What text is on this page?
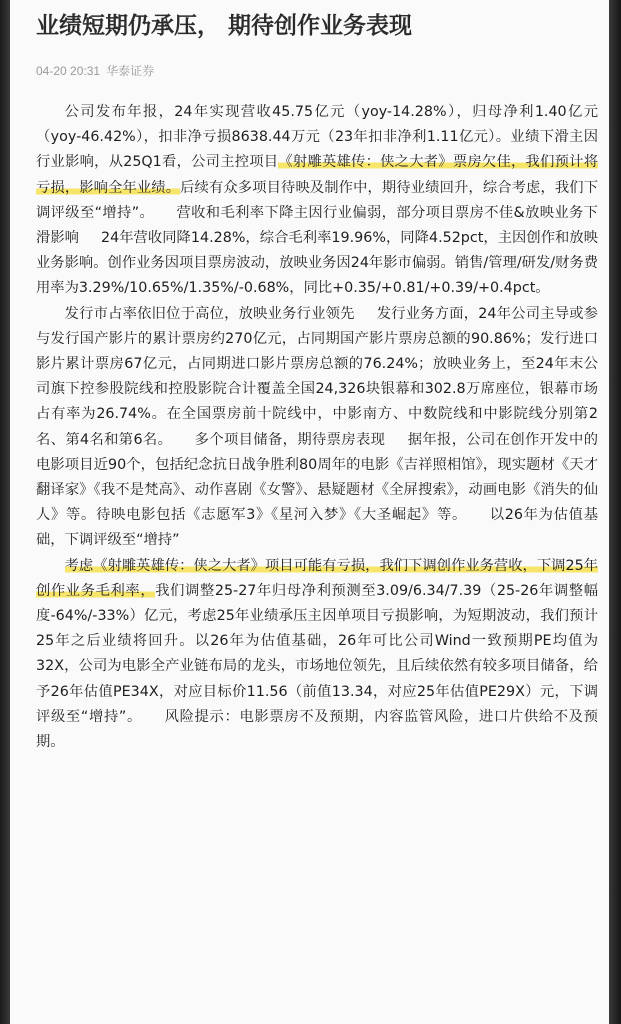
业绩短期仍承压， 期待创作业务表现
04-20 20:31 华泰证券

公司发布年报，24年实现营收45.75亿元（yoy-14.28%），归母净利1.40亿元（yoy-46.42%），扣非净亏损8638.44万元（23年扣非净利1.11亿元）。业绩下滑主因行业影响，从25Q1看，公司主控项目《射雕英雄传：侠之大者》票房欠佳，我们预计将亏损，影响全年业绩。后续有众多项目待映及制作中，期待业绩回升，综合考虑，我们下调评级至“增持”。 营收和毛利率下降主因行业偏弱，部分项目票房不佳&放映业务下滑影响 24年营收同降14.28%，综合毛利率19.96%，同降4.52pct，主因创作和放映业务影响。创作业务因项目票房波动，放映业务因24年影市偏弱。销售/管理/研发/财务费用率为3.29%/10.65%/1.35%/-0.68%，同比+0.35/+0.81/+0.39/+0.4pct。

发行市占率依旧位于高位，放映业务行业领先 发行业务方面，24年公司主导或参与发行国产影片的累计票房约270亿元，占同期国产影片票房总额的90.86%；发行进口影片累计票房67亿元，占同期进口影片票房总额的76.24%；放映业务上，至24年末公司旗下控参股院线和控股影院合计覆盖全国24,326块银幕和302.8万席座位，银幕市场占有率为26.74%。在全国票房前十院线中，中影南方、中数院线和中影院线分别第2名、第4名和第6名。 多个项目储备，期待票房表现 据年报，公司在创作开发中的电影项目近90个，包括纪念抗日战争胜利80周年的电影《吉祥照相馆》，现实题材《天才翻译家》《我不是梵高》、动作喜剧《女警》、悬疑题材《全屏搜索》，动画电影《消失的仙人》等。待映电影包括《志愿军3》《星河入梦》《大圣崛起》等。 以26年为估值基础，下调评级至“增持”

考虑《射雕英雄传：侠之大者》项目可能有亏损，我们下调创作业务营收，下调25年创作业务毛利率，我们调整25-27年归母净利预测至3.09/6.34/7.39（25-26年调整幅度-64%/-33%）亿元，考虑25年业绩承压主因单项目亏损影响，为短期波动，我们预计25年之后业绩将回升。以26年为估值基础，26年可比公司Wind一致预期PE均值为32X，公司为电影全产业链布局的龙头，市场地位领先，且后续依然有较多项目储备，给予26年估值PE34X，对应目标价11.56（前值13.34，对应25年估值PE29X）元，下调评级至“增持”。 风险提示：电影票房不及预期，内容监管风险，进口片供给不及预期。
